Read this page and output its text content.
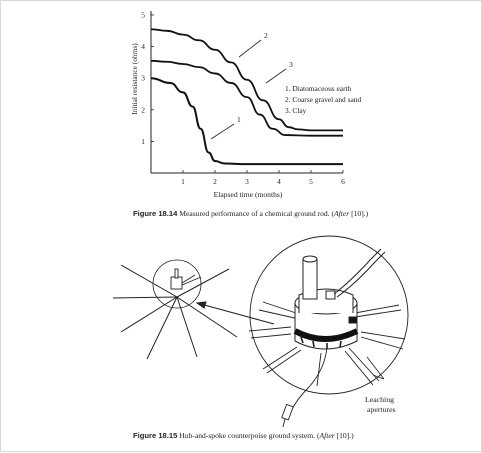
1	2	3	4	5	6
1
2
3
4
5
1
2
3
Initial resistance (ohms)
Elapsed time (months)
1. Diatomaceous earth
2. Coarse gravel and sand
3. Clay
Leaching
apertures
Figure 18.14 Measured performance of a chemical ground rod. (After [10].)
Figure 18.15 Hub-and-spoke counterpoise ground system. (After [10].)
